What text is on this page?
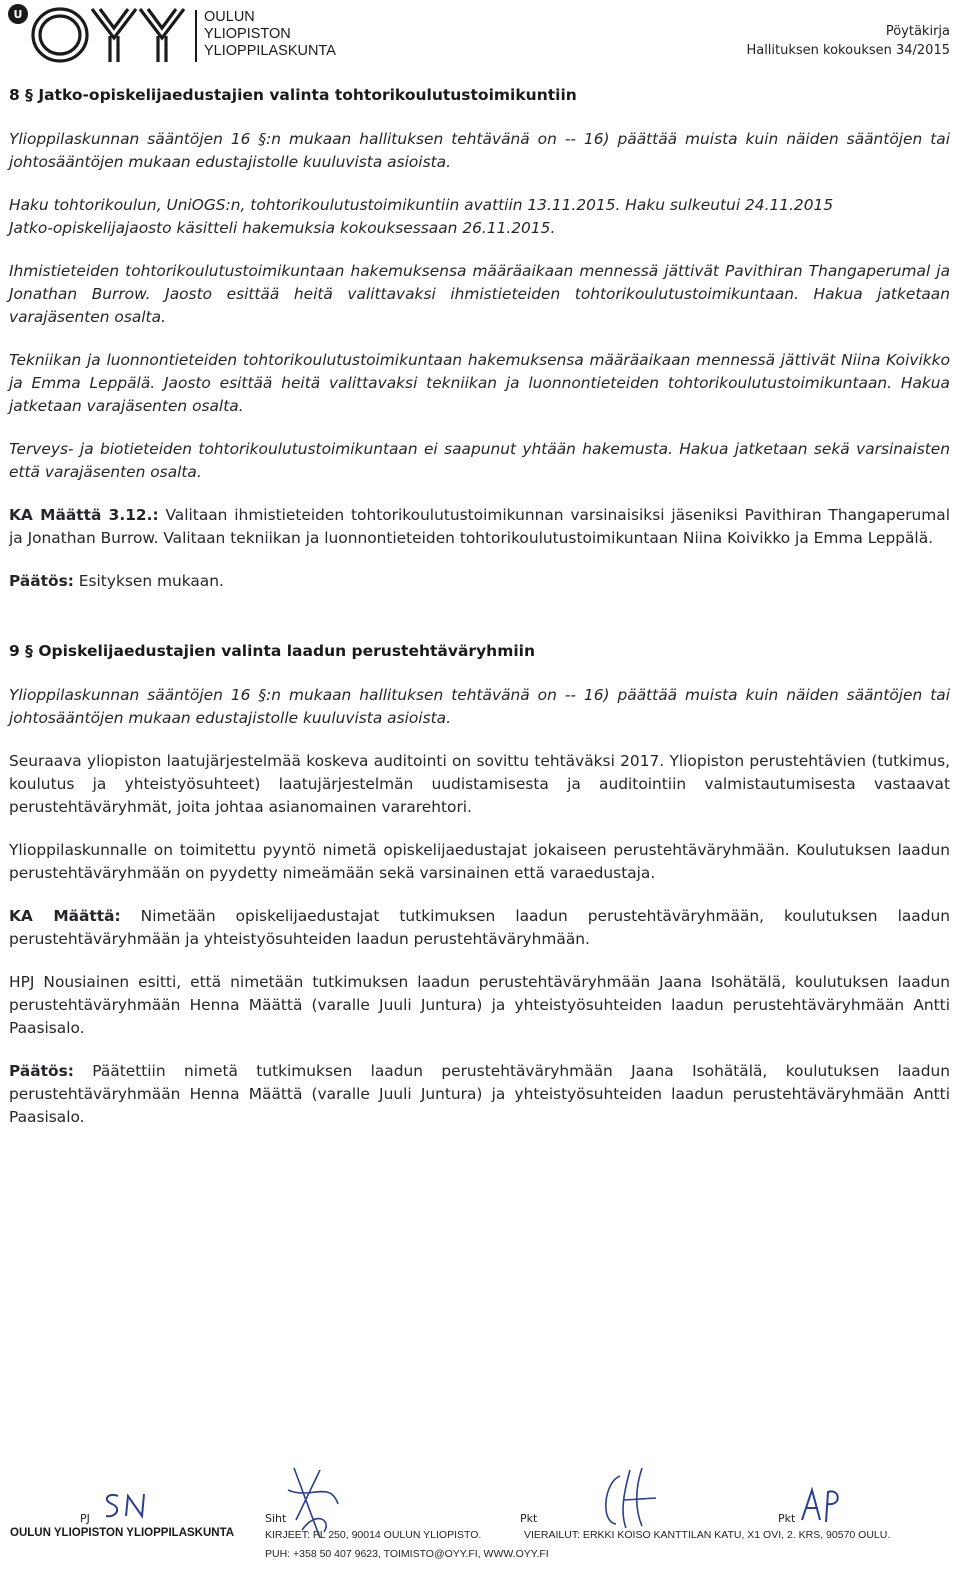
U	OULUN
YLIOPISTON
YLIOPPILASKUNTA
Pöytäkirja
Hallituksen kokouksen 34/2015
8 § Jatko-opiskelijaedustajien valinta tohtorikoulutustoimikuntiin

Ylioppilaskunnan sääntöjen 16 §:n mukaan hallituksen tehtävänä on -- 16) päättää muista kuin näiden sääntöjen tai johtosääntöjen mukaan edustajistolle kuuluvista asioista.

Haku tohtorikoulun, UniOGS:n, tohtorikoulutustoimikuntiin avattiin 13.11.2015. Haku sulkeutui 24.11.2015
Jatko-opiskelijajaosto käsitteli hakemuksia kokouksessaan 26.11.2015.

Ihmistieteiden tohtorikoulutustoimikuntaan hakemuksensa määräaikaan mennessä jättivät Pavithiran Thangaperumal ja Jonathan Burrow. Jaosto esittää heitä valittavaksi ihmistieteiden tohtorikoulutustoimikuntaan. Hakua jatketaan varajäsenten osalta.

Tekniikan ja luonnontieteiden tohtorikoulutustoimikuntaan hakemuksensa määräaikaan mennessä jättivät Niina Koivikko ja Emma Leppälä. Jaosto esittää heitä valittavaksi tekniikan ja luonnontieteiden tohtorikoulutustoimikuntaan. Hakua jatketaan varajäsenten osalta.

Terveys- ja biotieteiden tohtorikoulutustoimikuntaan ei saapunut yhtään hakemusta. Hakua jatketaan sekä varsinaisten että varajäsenten osalta.

KA Määttä 3.12.: Valitaan ihmistieteiden tohtorikoulutustoimikunnan varsinaisiksi jäseniksi Pavithiran Thangaperumal ja Jonathan Burrow. Valitaan tekniikan ja luonnontieteiden tohtorikoulutustoimikuntaan Niina Koivikko ja Emma Leppälä.

Päätös: Esityksen mukaan.

9 § Opiskelijaedustajien valinta laadun perustehtäväryhmiin

Ylioppilaskunnan sääntöjen 16 §:n mukaan hallituksen tehtävänä on -- 16) päättää muista kuin näiden sääntöjen tai johtosääntöjen mukaan edustajistolle kuuluvista asioista.

Seuraava yliopiston laatujärjestelmää koskeva auditointi on sovittu tehtäväksi 2017. Yliopiston perustehtävien (tutkimus, koulutus ja yhteistyösuhteet) laatujärjestelmän uudistamisesta ja auditointiin valmistautumisesta vastaavat perustehtäväryhmät, joita johtaa asianomainen vararehtori.

Ylioppilaskunnalle on toimitettu pyyntö nimetä opiskelijaedustajat jokaiseen perustehtäväryhmään. Koulutuksen laadun perustehtäväryhmään on pyydetty nimeämään sekä varsinainen että varaedustaja.

KA Määttä: Nimetään opiskelijaedustajat tutkimuksen laadun perustehtäväryhmään, koulutuksen laadun perustehtäväryhmään ja yhteistyösuhteiden laadun perustehtäväryhmään.

HPJ Nousiainen esitti, että nimetään tutkimuksen laadun perustehtäväryhmään Jaana Isohätälä, koulutuksen laadun perustehtäväryhmään Henna Määttä (varalle Juuli Juntura) ja yhteistyösuhteiden laadun perustehtäväryhmään Antti Paasisalo.

Päätös: Päätettiin nimetä tutkimuksen laadun perustehtäväryhmään Jaana Isohätälä, koulutuksen laadun perustehtäväryhmään Henna Määttä (varalle Juuli Juntura) ja yhteistyösuhteiden laadun perustehtäväryhmään Antti Paasisalo.

PJ	Siht	Pkt	Pkt
OULUN YLIOPISTON YLIOPPILASKUNTA	KIRJEET: PL 250, 90014 OULUN YLIOPISTO.	VIERAILUT: ERKKI KOISO KANTTILAN KATU, X1 OVI, 2. KRS, 90570 OULU.
PUH: +358 50 407 9623, TOIMISTO@OYY.FI, WWW.OYY.FI
